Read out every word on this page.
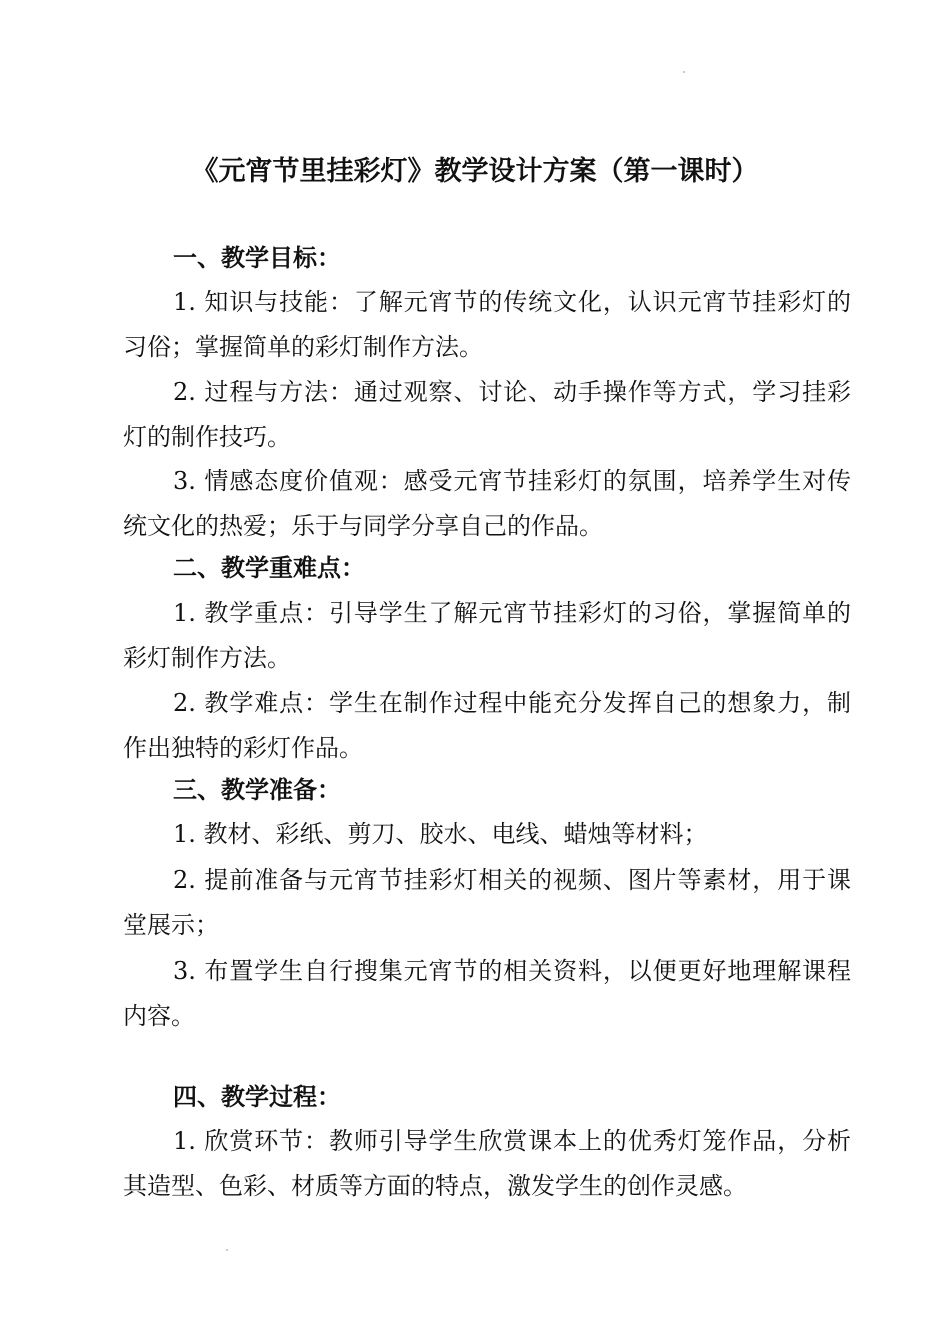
《元宵节里挂彩灯》教学设计方案（第一课时）
一、教学目标：
1. 知识与技能：了解元宵节的传统文化，认识元宵节挂彩灯的习俗；掌握简单的彩灯制作方法。
2. 过程与方法：通过观察、讨论、动手操作等方式，学习挂彩灯的制作技巧。
3. 情感态度价值观：感受元宵节挂彩灯的氛围，培养学生对传统文化的热爱；乐于与同学分享自己的作品。
二、教学重难点：
1. 教学重点：引导学生了解元宵节挂彩灯的习俗，掌握简单的彩灯制作方法。
2. 教学难点：学生在制作过程中能充分发挥自己的想象力，制作出独特的彩灯作品。
三、教学准备：
1. 教材、彩纸、剪刀、胶水、电线、蜡烛等材料；
2. 提前准备与元宵节挂彩灯相关的视频、图片等素材，用于课堂展示；
3. 布置学生自行搜集元宵节的相关资料，以便更好地理解课程内容。
四、教学过程：
1. 欣赏环节：教师引导学生欣赏课本上的优秀灯笼作品，分析其造型、色彩、材质等方面的特点，激发学生的创作灵感。
